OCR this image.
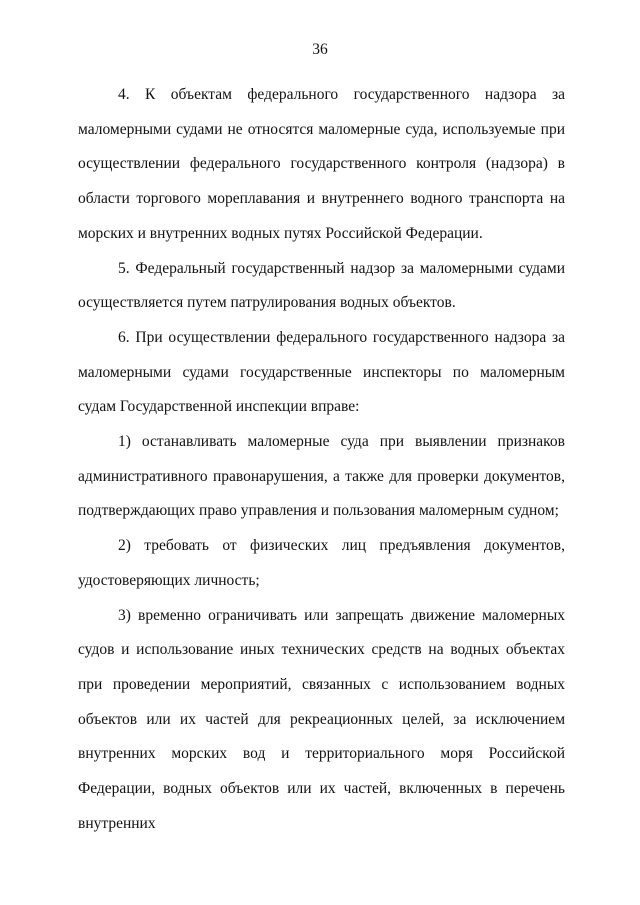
36

4. К объектам федерального государственного надзора за маломерными судами не относятся маломерные суда, используемые при осуществлении федерального государственного контроля (надзора) в области торгового мореплавания и внутреннего водного транспорта на морских и внутренних водных путях Российской Федерации.

5. Федеральный государственный надзор за маломерными судами осуществляется путем патрулирования водных объектов.

6. При осуществлении федерального государственного надзора за маломерными судами государственные инспекторы по маломерным судам Государственной инспекции вправе:

1) останавливать маломерные суда при выявлении признаков административного правонарушения, а также для проверки документов, подтверждающих право управления и пользования маломерным судном;

2) требовать от физических лиц предъявления документов, удостоверяющих личность;

3) временно ограничивать или запрещать движение маломерных судов и использование иных технических средств на водных объектах при проведении мероприятий, связанных с использованием водных объектов или их частей для рекреационных целей, за исключением внутренних морских вод и территориального моря Российской Федерации, водных объектов или их частей, включенных в перечень внутренних
